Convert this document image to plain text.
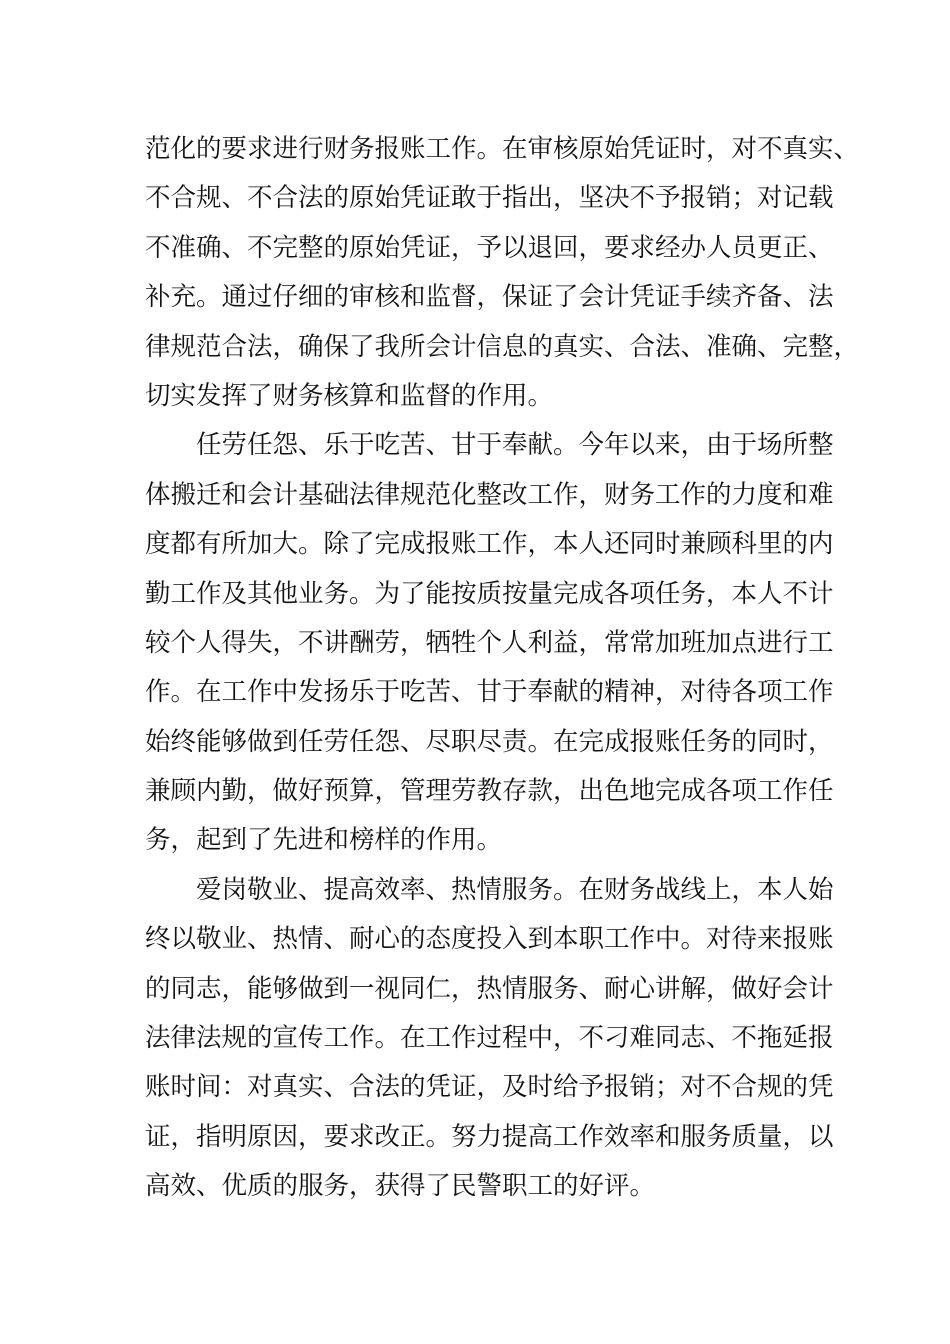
范化的要求进行财务报账工作。在审核原始凭证时，对不真实、
不合规、不合法的原始凭证敢于指出，坚决不予报销；对记载
不准确、不完整的原始凭证，予以退回，要求经办人员更正、
补充。通过仔细的审核和监督，保证了会计凭证手续齐备、法
律规范合法，确保了我所会计信息的真实、合法、准确、完整，
切实发挥了财务核算和监督的作用。
任劳任怨、乐于吃苦、甘于奉献。今年以来，由于场所整
体搬迁和会计基础法律规范化整改工作，财务工作的力度和难
度都有所加大。除了完成报账工作，本人还同时兼顾科里的内
勤工作及其他业务。为了能按质按量完成各项任务，本人不计
较个人得失，不讲酬劳，牺牲个人利益，常常加班加点进行工
作。在工作中发扬乐于吃苦、甘于奉献的精神，对待各项工作
始终能够做到任劳任怨、尽职尽责。在完成报账任务的同时，
兼顾内勤，做好预算，管理劳教存款，出色地完成各项工作任
务，起到了先进和榜样的作用。
爱岗敬业、提高效率、热情服务。在财务战线上，本人始
终以敬业、热情、耐心的态度投入到本职工作中。对待来报账
的同志，能够做到一视同仁，热情服务、耐心讲解，做好会计
法律法规的宣传工作。在工作过程中，不刁难同志、不拖延报
账时间：对真实、合法的凭证，及时给予报销；对不合规的凭
证，指明原因，要求改正。努力提高工作效率和服务质量，以
高效、优质的服务，获得了民警职工的好评。
